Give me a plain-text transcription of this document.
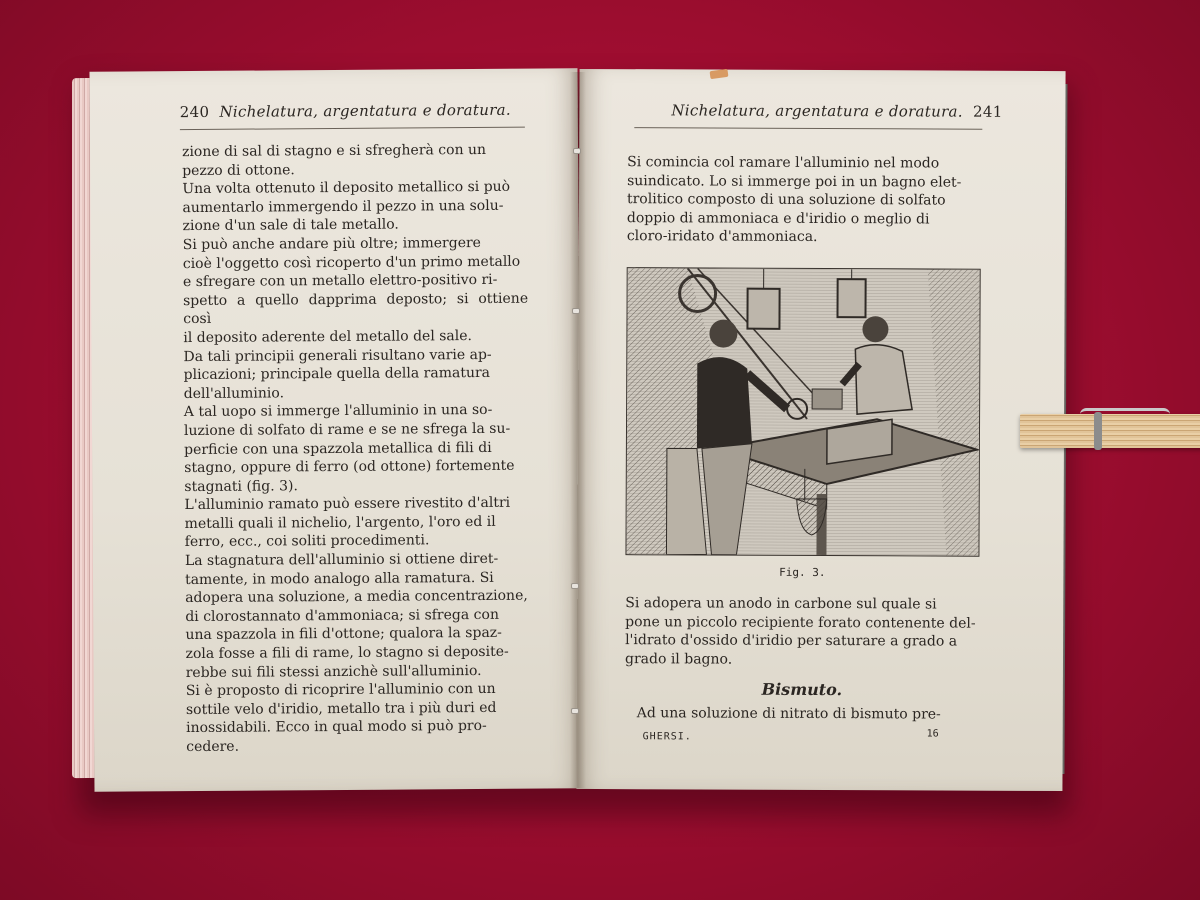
240 Nichelatura, argentatura e doratura.
zione di sal di stagno e si sfregherà con un
pezzo di ottone.
Una volta ottenuto il deposito metallico si può
aumentarlo immergendo il pezzo in una solu-
zione d'un sale di tale metallo.
Si può anche andare più oltre; immergere
cioè l'oggetto così ricoperto d'un primo metallo
e sfregare con un metallo elettro-positivo ri-
spetto a quello dapprima deposto; si ottiene così
il deposito aderente del metallo del sale.
Da tali principii generali risultano varie ap-
plicazioni; principale quella della ramatura
dell'alluminio.
A tal uopo si immerge l'alluminio in una so-
luzione di solfato di rame e se ne sfrega la su-
perficie con una spazzola metallica di fili di
stagno, oppure di ferro (od ottone) fortemente
stagnati (fig. 3).
L'alluminio ramato può essere rivestito d'altri
metalli quali il nichelio, l'argento, l'oro ed il
ferro, ecc., coi soliti procedimenti.
La stagnatura dell'alluminio si ottiene diret-
tamente, in modo analogo alla ramatura. Si
adopera una soluzione, a media concentrazione,
di clorostannato d'ammoniaca; si sfrega con
una spazzola in fili d'ottone; qualora la spaz-
zola fosse a fili di rame, lo stagno si deposite-
rebbe sui fili stessi anzichè sull'alluminio.
Si è proposto di ricoprire l'alluminio con un
sottile velo d'iridio, metallo tra i più duri ed
inossidabili. Ecco in qual modo si può pro-
cedere.
Nichelatura, argentatura e doratura. 241
Si comincia col ramare l'alluminio nel modo
suindicato. Lo si immerge poi in un bagno elet-
trolitico composto di una soluzione di solfato
doppio di ammoniaca e d'iridio o meglio di
cloro-iridato d'ammoniaca.
Fig. 3.
Si adopera un anodo in carbone sul quale si
pone un piccolo recipiente forato contenente del-
l'idrato d'ossido d'iridio per saturare a grado a
grado il bagno.
Bismuto.
Ad una soluzione di nitrato di bismuto pre-
GHERSI.	16
